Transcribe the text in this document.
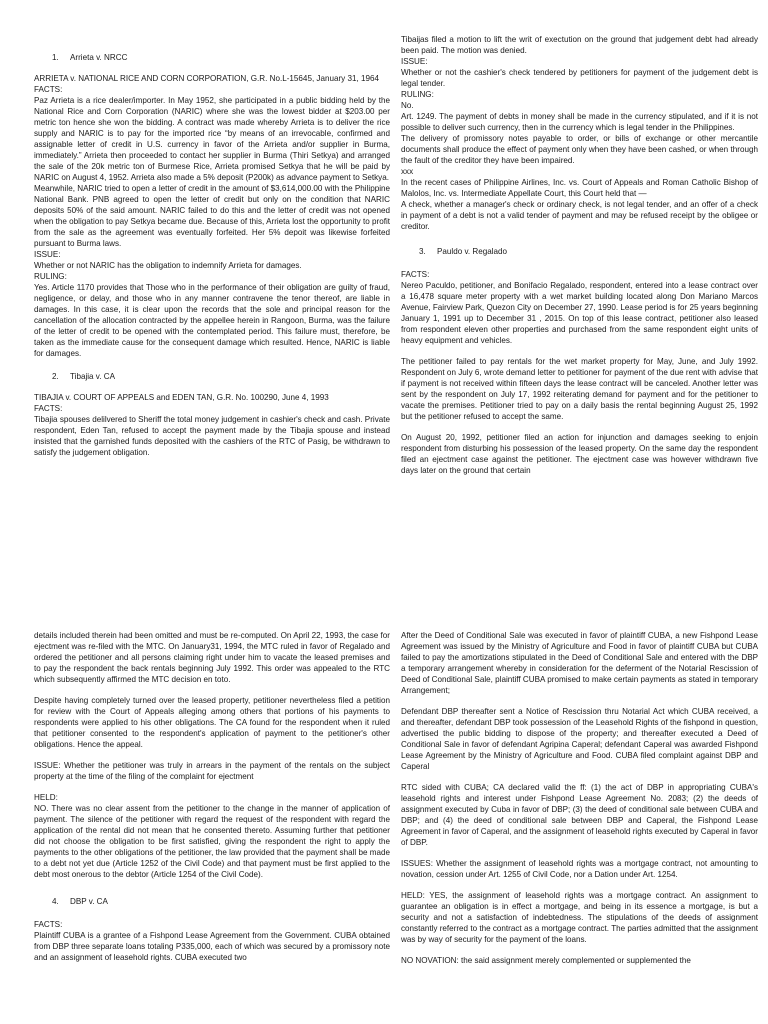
1. Arrieta v. NRCC

ARRIETA v. NATIONAL RICE AND CORN CORPORATION, G.R. No.L-15645, January 31, 1964

FACTS:

Paz Arrieta is a rice dealer/importer. In May 1952, she participated in a public bidding held by the National Rice and Corn Corporation (NARIC) where she was the lowest bidder at $203.00 per metric ton hence she won the bidding. A contract was made whereby Arrieta is to deliver the rice supply and NARIC is to pay for the imported rice “by means of an irrevocable, confirmed and assignable letter of credit in U.S. currency in favor of the Arrieta and/or supplier in Burma, immediately.” Arrieta then proceeded to contact her supplier in Burma (Thiri Setkya) and arranged the sale of the 20k metric ton of Burmese Rice, Arrieta promised Setkya that he will be paid by NARIC on August 4, 1952. Arrieta also made a 5% deposit (P200k) as advance payment to Setkya.

Meanwhile, NARIC tried to open a letter of credit in the amount of $3,614,000.00 with the Philippine National Bank. PNB agreed to open the letter of credit but only on the condition that NARIC deposits 50% of the said amount. NARIC failed to do this and the letter of credit was not opened when the obligation to pay Setkya became due. Because of this, Arrieta lost the opportunity to profit from the sale as the agreement was eventually forfeited. Her 5% depoit was likewise forfeited pursuant to Burma laws.

ISSUE:

Whether or not NARIC has the obligation to indemnify Arrieta for damages.

RULING:

Yes. Article 1170 provides that Those who in the performance of their obligation are guilty of fraud, negligence, or delay, and those who in any manner contravene the tenor thereof, are liable in damages. In this case, it is clear upon the records that the sole and principal reason for the cancellation of the allocation contracted by the appellee herein in Rangoon, Burma, was the failure of the letter of credit to be opened with the contemplated period. This failure must, therefore, be taken as the immediate cause for the consequent damage which resulted. Hence, NARIC is liable for damages.

2. Tibajia v. CA

TIBAJIA v. COURT OF APPEALS and EDEN TAN, G.R. No. 100290, June 4, 1993

FACTS:

Tibajia spouses delilvered to Sheriff the total money judgement in cashier's check and cash. Private respondent, Eden Tan, refused to accept the payment made by the Tibajia spouse and instead insisted that the garnished funds deposited with the cashiers of the RTC of Pasig, be withdrawn to satisfy the judgement obligation.

Tibaijas filed a motion to lift the writ of exectution on the ground that judgement debt had already been paid. The motion was denied.

ISSUE:

Whether or not the cashier's check tendered by petitioners for payment of the judgement debt is legal tender.

RULING:

No.

Art. 1249. The payment of debts in money shall be made in the currency stipulated, and if it is not possible to deliver such currency, then in the currency which is legal tender in the Philippines.

The delivery of promissory notes payable to order, or bills of exchange or other mercantile documents shall produce the effect of payment only when they have been cashed, or when through the fault of the creditor they have been impaired.

xxx

In the recent cases of Philippine Airlines, Inc. vs. Court of Appeals and Roman Catholic Bishop of Malolos, Inc. vs. Intermediate Appellate Court, this Court held that —

A check, whether a manager's check or ordinary check, is not legal tender, and an offer of a check in payment of a debt is not a valid tender of payment and may be refused receipt by the obligee or creditor.

3. Pauldo v. Regalado

FACTS:

Nereo Paculdo, petitioner, and Bonifacio Regalado, respondent, entered into a lease contract over a 16,478 square meter property with a wet market building located along Don Mariano Marcos Avenue, Fairview Park, Quezon City on December 27, 1990. Lease period is for 25 years beginning January 1, 1991 up to December 31 , 2015. On top of this lease contract, petitioner also leased from respondent eleven other properties and purchased from the same respondent eight units of heavy equipment and vehicles.

The petitioner failed to pay rentals for the wet market property for May, June, and July 1992. Respondent on July 6, wrote demand letter to petitioner for payment of the due rent with advise that if payment is not received within fifteen days the lease contract will be canceled. Another letter was sent by the respondent on July 17, 1992 reiterating demand for payment and for the petitioner to vacate the premises. Petitioner tried to pay on a daily basis the rental beginning August 25, 1992 but the petitioner refused to accept the same.

On August 20, 1992, petitioner filed an action for injunction and damages seeking to enjoin respondent from disturbing his possession of the leased property. On the same day the respondent filed an ejectment case against the petitioner. The ejectment case was however withdrawn five days later on the ground that certain

details included therein had been omitted and must be re-computed. On April 22, 1993, the case for ejectment was re-filed with the MTC. On January31, 1994, the MTC ruled in favor of Regalado and ordered the petitioner and all persons claiming right under him to vacate the leased premises and to pay the respondent the back rentals beginning July 1992. This order was appealed to the RTC which subsequently affirmed the MTC decision en toto.

Despite having completely turned over the leased property, petitioner nevertheless filed a petition for review with the Court of Appeals alleging among others that portions of his payments to respondents were applied to his other obligations. The CA found for the respondent when it ruled that petitioner consented to the respondent's application of payment to the petitioner's other obligations. Hence the appeal.

ISSUE: Whether the petitioner was truly in arrears in the payment of the rentals on the subject property at the time of the filing of the complaint for ejectment

HELD:

NO. There was no clear assent from the petitioner to the change in the manner of application of payment. The silence of the petitioner with regard the request of the respondent with regard the application of the rental did not mean that he consented thereto. Assuming further that petitioner did not choose the obligation to be first satisfied, giving the respondent the right to apply the payments to the other obligations of the petitioner, the law provided that the payment shall be made to a debt not yet due (Article 1252 of the Civil Code) and that payment must be first applied to the debt most onerous to the debtor (Article 1254 of the Civil Code).

4. DBP v. CA

FACTS:

Plaintiff CUBA is a grantee of a Fishpond Lease Agreement from the Government. CUBA obtained from DBP three separate loans totaling P335,000, each of which was secured by a promissory note and an assignment of leasehold rights. CUBA executed two

After the Deed of Conditional Sale was executed in favor of plaintiff CUBA, a new Fishpond Lease Agreement was issued by the Ministry of Agriculture and Food in favor of plaintiff CUBA but CUBA failed to pay the amortizations stipulated in the Deed of Conditional Sale and entered with the DBP a temporary arrangement whereby in consideration for the deferment of the Notarial Rescission of Deed of Conditional Sale, plaintiff CUBA promised to make certain payments as stated in temporary Arrangement;

Defendant DBP thereafter sent a Notice of Rescission thru Notarial Act which CUBA received, a and thereafter, defendant DBP took possession of the Leasehold Rights of the fishpond in question, advertised the public bidding to dispose of the property; and thereafter executed a Deed of Conditional Sale in favor of defendant Agripina Caperal; defendant Caperal was awarded Fishpond Lease Agreement by the Ministry of Agriculture and Food. CUBA filed complaint against DBP and Caperal

RTC sided with CUBA; CA declared valid the ff: (1) the act of DBP in appropriating CUBA's leasehold rights and interest under Fishpond Lease Agreement No. 2083; (2) the deeds of assignment executed by Cuba in favor of DBP; (3) the deed of conditional sale between CUBA and DBP; and (4) the deed of conditional sale between DBP and Caperal, the Fishpond Lease Agreement in favor of Caperal, and the assignment of leasehold rights executed by Caperal in favor of DBP.

ISSUES: Whether the assignment of leasehold rights was a mortgage contract, not amounting to novation, cession under Art. 1255 of Civil Code, nor a Dation under Art. 1254.

HELD: YES, the assignment of leasehold rights was a mortgage contract. An assignment to guarantee an obligation is in effect a mortgage, and being in its essence a mortgage, is but a security and not a satisfaction of indebtedness. The stipulations of the deeds of assignment constantly referred to the contract as a mortgage contract. The parties admitted that the assignment was by way of security for the payment of the loans.

NO NOVATION: the said assignment merely complemented or supplemented the
